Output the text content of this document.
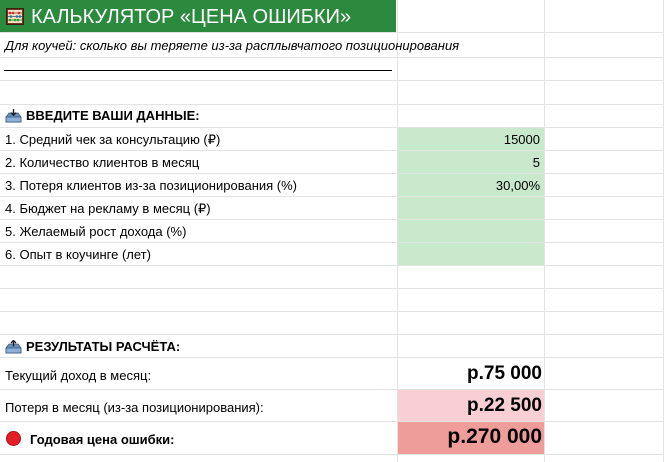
КАЛЬКУЛЯТОР «ЦЕНА ОШИБКИ»
Для коучей: сколько вы теряете из-за расплывчатого позиционирования
ВВЕДИТЕ ВАШИ ДАННЫЕ:
1. Средний чек за консультацию (₽)	15000
2. Количество клиентов в месяц	5
3. Потеря клиентов из-за позиционирования (%)	30,00%
4. Бюджет на рекламу в месяц (₽)
5. Желаемый рост дохода (%)
6. Опыт в коучинге (лет)
РЕЗУЛЬТАТЫ РАСЧЁТА:
Текущий доход в месяц:	р.75 000
Потеря в месяц (из-за позиционирования):	р.22 500
Годовая цена ошибки:	р.270 000
